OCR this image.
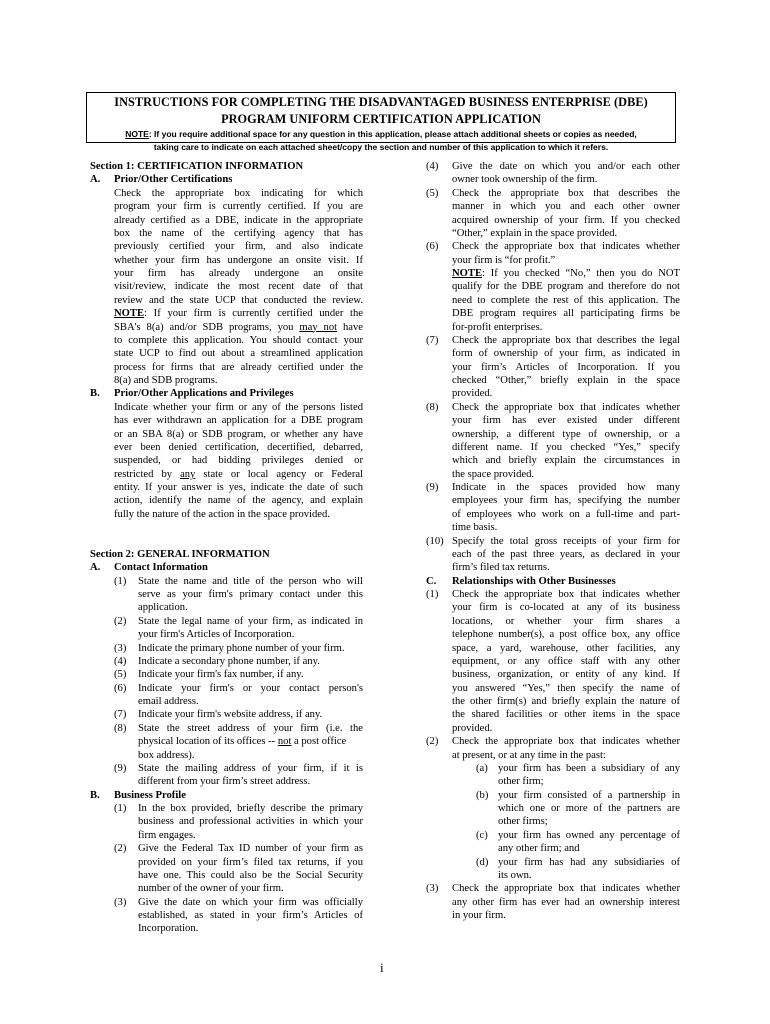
INSTRUCTIONS FOR COMPLETING THE DISADVANTAGED BUSINESS ENTERPRISE (DBE)
PROGRAM UNIFORM CERTIFICATION APPLICATION
NOTE: If you require additional space for any question in this application, please attach additional sheets or copies as needed,
taking care to indicate on each attached sheet/copy the section and number of this application to which it refers.
Section 1: CERTIFICATION INFORMATION
A.	Prior/Other Certifications
Check the appropriate box indicating for which
program your firm is currently certified. If you are
already certified as a DBE, indicate in the appropriate
box the name of the certifying agency that has
previously certified your firm, and also indicate
whether your firm has undergone an onsite visit. If
your firm has already undergone an onsite
visit/review, indicate the most recent date of that
review and the state UCP that conducted the review.
NOTE: If your firm is currently certified under the
SBA's 8(a) and/or SDB programs, you may not have
to complete this application. You should contact your
state UCP to find out about a streamlined application
process for firms that are already certified under the
8(a) and SDB programs.
B.	Prior/Other Applications and Privileges
Indicate whether your firm or any of the persons listed
has ever withdrawn an application for a DBE program
or an SBA 8(a) or SDB program, or whether any have
ever been denied certification, decertified, debarred,
suspended, or had bidding privileges denied or
restricted by any state or local agency or Federal
entity. If your answer is yes, indicate the date of such
action, identify the name of the agency, and explain
fully the nature of the action in the space provided.
Section 2: GENERAL INFORMATION
A.	Contact Information
(1)	State the name and title of the person who will
serve as your firm's primary contact under this
application.
(2)	State the legal name of your firm, as indicated in
your firm's Articles of Incorporation.
(3)	Indicate the primary phone number of your firm.
(4)	Indicate a secondary phone number, if any.
(5)	Indicate your firm's fax number, if any.
(6)	Indicate your firm's or your contact person's
email address.
(7)	Indicate your firm's website address, if any.
(8)	State the street address of your firm (i.e. the
physical location of its offices -- not a post office
box address).
(9)	State the mailing address of your firm, if it is
different from your firm’s street address.
B.	Business Profile
(1)	In the box provided, briefly describe the primary
business and professional activities in which your
firm engages.
(2)	Give the Federal Tax ID number of your firm as
provided on your firm’s filed tax returns, if you
have one. This could also be the Social Security
number of the owner of your firm.
(3)	Give the date on which your firm was officially
established, as stated in your firm’s Articles of
Incorporation.
(4)	Give the date on which you and/or each other
owner took ownership of the firm.
(5)	Check the appropriate box that describes the
manner in which you and each other owner
acquired ownership of your firm. If you checked
“Other,” explain in the space provided.
(6)	Check the appropriate box that indicates whether
your firm is “for profit.”
NOTE: If you checked “No,” then you do NOT
qualify for the DBE program and therefore do not
need to complete the rest of this application. The
DBE program requires all participating firms be
for-profit enterprises.
(7)	Check the appropriate box that describes the legal
form of ownership of your firm, as indicated in
your firm’s Articles of Incorporation. If you
checked “Other,” briefly explain in the space
provided.
(8)	Check the appropriate box that indicates whether
your firm has ever existed under different
ownership, a different type of ownership, or a
different name. If you checked “Yes,” specify
which and briefly explain the circumstances in
the space provided.
(9)	Indicate in the spaces provided how many
employees your firm has, specifying the number
of employees who work on a full-time and part-
time basis.
(10) Specify the total gross receipts of your firm for
each of the past three years, as declared in your
firm’s filed tax returns.
C.	Relationships with Other Businesses
(1)	Check the appropriate box that indicates whether
your firm is co-located at any of its business
locations, or whether your firm shares a
telephone number(s), a post office box, any office
space, a yard, warehouse, other facilities, any
equipment, or any office staff with any other
business, organization, or entity of any kind. If
you answered “Yes,” then specify the name of
the other firm(s) and briefly explain the nature of
the shared facilities or other items in the space
provided.
(2)	Check the appropriate box that indicates whether
at present, or at any time in the past:
(a) your firm has been a subsidiary of any
other firm;
(b) your firm consisted of a partnership in
which one or more of the partners are
other firms;
(c) your firm has owned any percentage of
any other firm; and
(d) your firm has had any subsidiaries of
its own.
(3)	Check the appropriate box that indicates whether
any other firm has ever had an ownership interest
in your firm.
i
